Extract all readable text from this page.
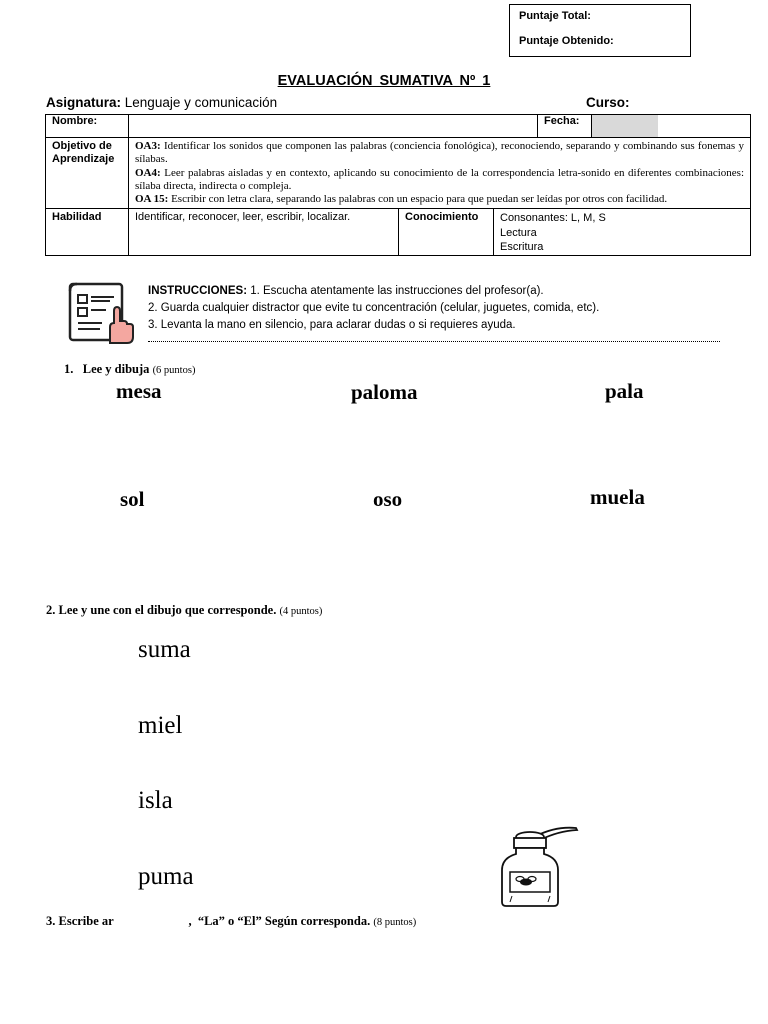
Puntaje Total:
Puntaje Obtenido:
EVALUACIÓN SUMATIVA Nº 1
Asignatura: Lenguaje y comunicación	Curso:
Nombre:				Fecha:	

Objetivo de Aprendizaje	OA3: Identificar los sonidos que componen las palabras (conciencia fonológica), reconociendo, separando y combinando sus fonemas y sílabas.
OA4: Leer palabras aisladas y en contexto, aplicando su conocimiento de la correspondencia letra-sonido en diferentes combinaciones: sílaba directa, indirecta o compleja.
OA 15: Escribir con letra clara, separando las palabras con un espacio para que puedan ser leídas por otros con facilidad.				

Habilidad	Identificar, reconocer, leer, escribir, localizar.	Conocimiento	Consonantes: L, M, S
Lectura
Escritura		
INSTRUCCIONES: 1. Escucha atentamente las instrucciones del profesor(a).
2. Guarda cualquier distractor que evite tu concentración (celular, juguetes, comida, etc).
3. Levanta la mano en silencio, para aclarar dudas o si requieres ayuda.
1. Lee y dibuja (6 puntos)
mesa	paloma	pala
sol	oso	muela
2. Lee y une con el dibujo que corresponde. (4 puntos)
suma
miel
isla
puma
3. Escribe ar                        ,  “La” o “El” Según corresponda. (8 puntos)
